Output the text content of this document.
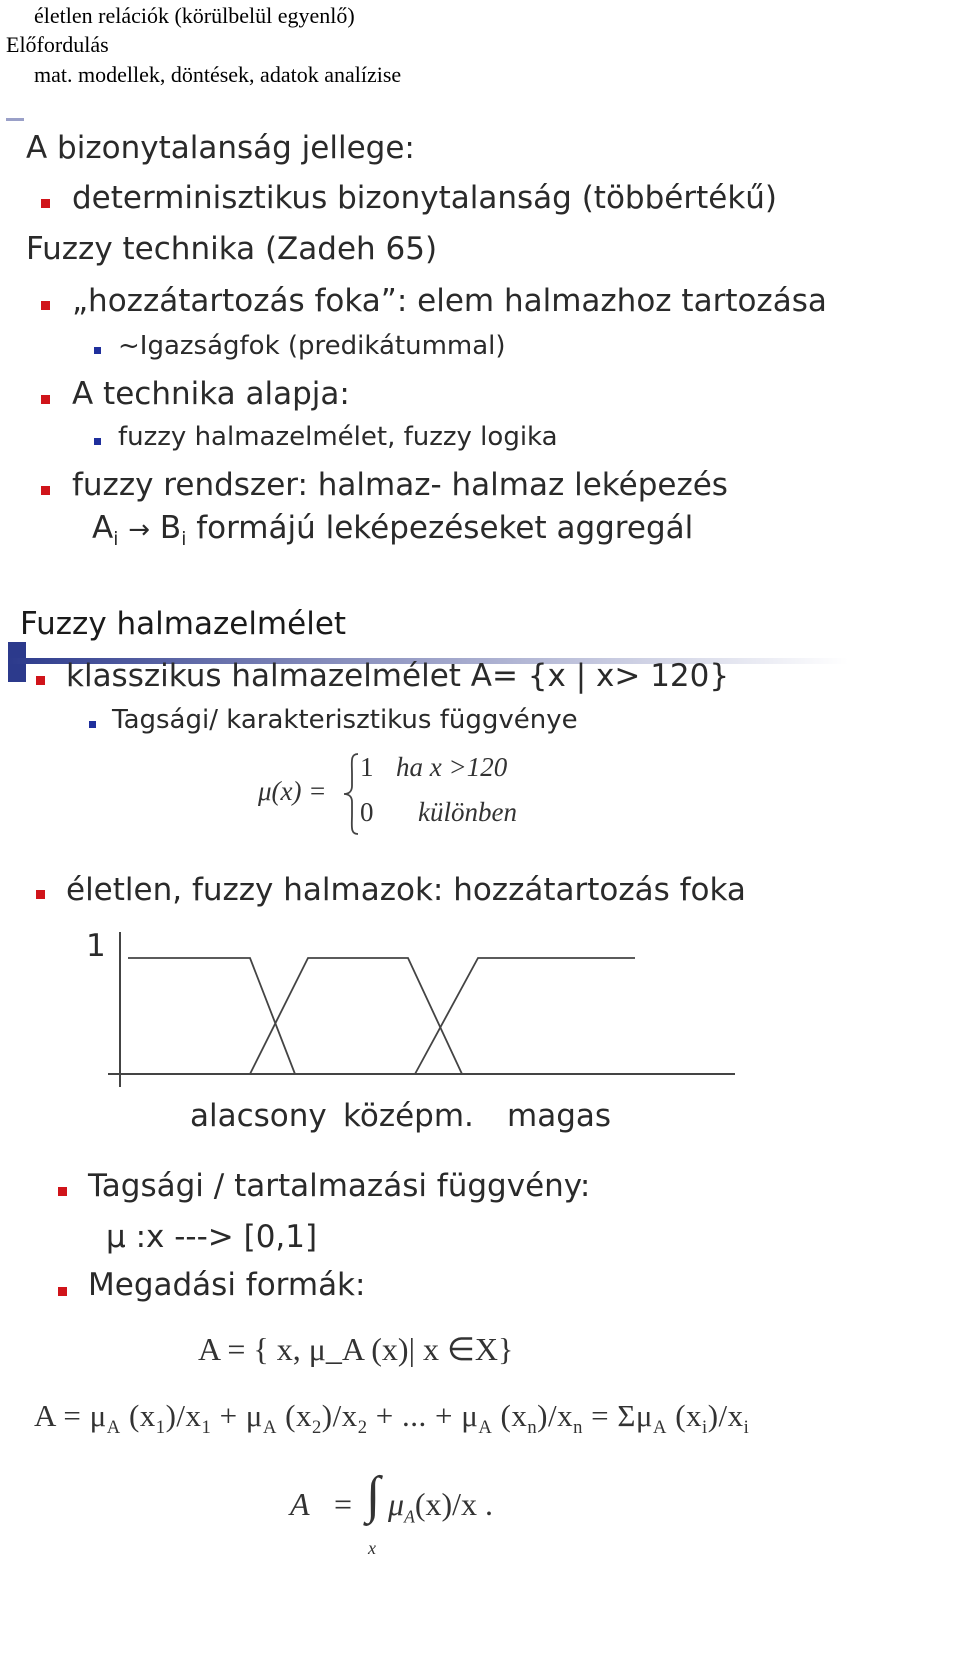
életlen relációk (körülbelül egyenlő)
Előfordulás
mat. modellek, döntések, adatok analízise
A bizonytalanság jellege:
determinisztikus bizonytalanság (többértékű)
Fuzzy technika (Zadeh 65)
„hozzátartozás foka”: elem halmazhoz tartozása
~Igazságfok (predikátummal)
A technika alapja:
fuzzy halmazelmélet, fuzzy logika
fuzzy rendszer: halmaz- halmaz leképezés
$A_i \to B_i$ formájú leképezéseket aggregál
Fuzzy halmazelmélet
klasszikus halmazelmélet A= {x | x> 120}
Tagsági/ karakterisztikus függvénye
μ(x) =
1 ha x >120
0 különben
életlen, fuzzy halmazok: hozzátartozás foka
1
alacsony középm. magas
Tagsági / tartalmazási függvény:
μ :x ---> [0,1]
Megadási formák:
A = { x, μ_A (x)| x ∈X}
$A = \mu_A$ $(x_1)/x_1 + \mu_A$ $(x_2)/x_2$ + ... + $\mu_A$ $(x_n)/x_n = \Sigma\mu_A$ $(x_i)/x_i$
A = ∫ $\mu_A(x)/x$ .
x
